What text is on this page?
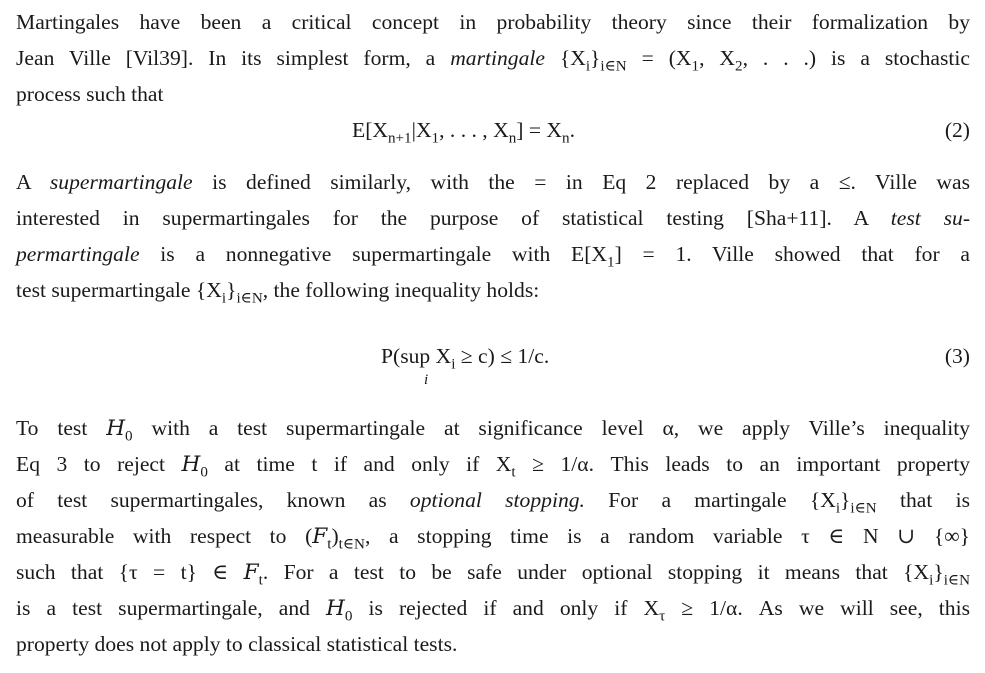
Martingales have been a critical concept in probability theory since their formalization by
Jean Ville [Vil39]. In its simplest form, a martingale $\{X_i\}_{i\in N} = (X_1$, $X_2$, . . .) is a stochastic
process such that
$E[X_{n+1}|X_1$, . . . , $X_n] = X_n$.	(2)
A supermartingale is defined similarly, with the = in Eq 2 replaced by a ≤. Ville was
interested in supermartingales for the purpose of statistical testing [Sha+11]. A test su-
permartingale is a nonnegative supermartingale with $E[X_1] = 1$. Ville showed that for a
test supermartingale $\{X_i\}_{i\in N}$, the following inequality holds:
P(sup $X_i \ge c) \le 1/c$.
i
(3)
To test $H_0$ with a test supermartingale at significance level α, we apply Ville’s inequality
Eq 3 to reject $H_0$ at time t if and only if $X_t \ge 1/\alpha$. This leads to an important property
of test supermartingales, known as optional stopping. For a martingale $\{X_i\}_{i\in N}$ that is
measurable with respect to $(F_t)_{t\in N}$, a stopping time is a random variable τ ∈ N ∪ {∞}
such that {τ = t} ∈ $F_t$. For a test to be safe under optional stopping it means that $\{X_i\}_{i\in N}$
is a test supermartingale, and $H_0$ is rejected if and only if $X_\tau \ge 1/\alpha$. As we will see, this
property does not apply to classical statistical tests.
